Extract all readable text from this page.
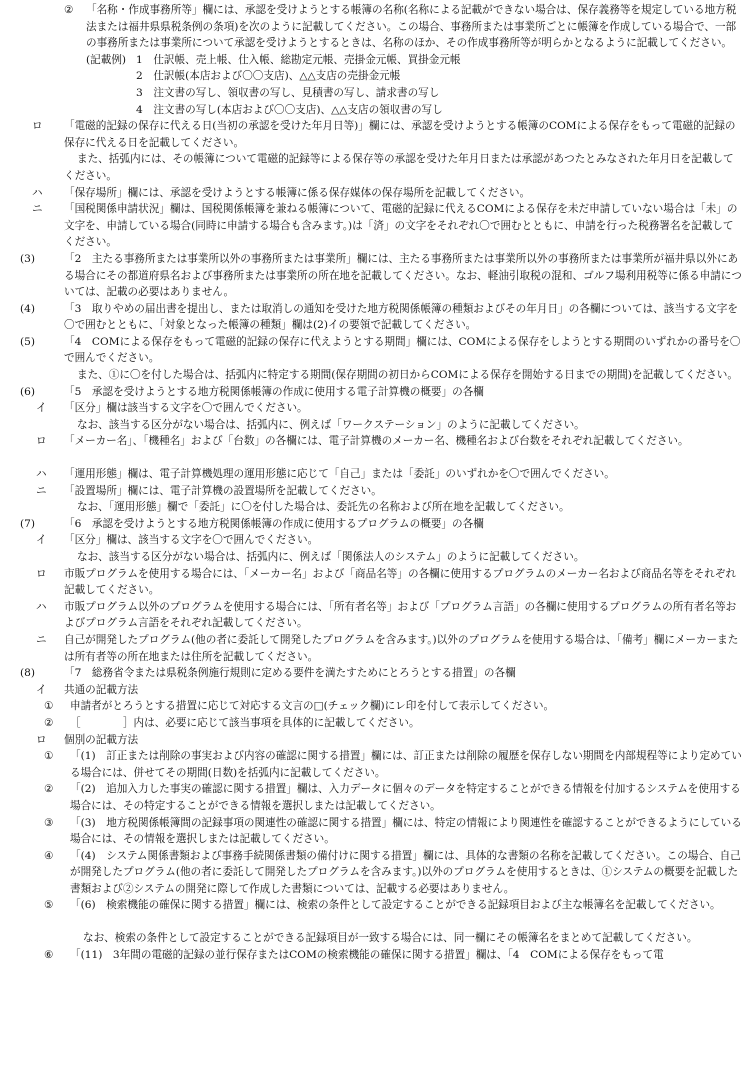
② 「名称・作成事務所等」欄には、承認を受けようとする帳簿の名称(名称による記載ができない場合は、保存義務等を規定している地方税法または福井県県税条例の条項)を次のように記載してください。この場合、事務所または事業所ごとに帳簿を作成している場合で、一部の事務所または事業所について承認を受けようとするときは、名称のほか、その作成事務所等が明らかとなるように記載してください。
(記載例) 1　仕訳帳、売上帳、仕入帳、総勘定元帳、売掛金元帳、買掛金元帳
2　仕訳帳(本店および〇〇支店)、△△支店の売掛金元帳
3　注文書の写し、領収書の写し、見積書の写し、請求書の写し
4　注文書の写し(本店および〇〇支店)、△△支店の領収書の写し
ロ 「電磁的記録の保存に代える日(当初の承認を受けた年月日等)」欄には、承認を受けようとする帳簿のCOMによる保存をもって電磁的記録の保存に代える日を記載してください。
また、括弧内には、その帳簿について電磁的記録等による保存等の承認を受けた年月日または承認があつたとみなされた年月日を記載してください。
ハ 「保存場所」欄には、承認を受けようとする帳簿に係る保存媒体の保存場所を記載してください。
ニ 「国税関係申請状況」欄は、国税関係帳簿を兼ねる帳簿について、電磁的記録に代えるCOMによる保存を未だ申請していない場合は「未」の文字を、申請している場合(同時に申請する場合も含みます。)は「済」の文字をそれぞれ〇で囲むとともに、申請を行った税務署名を記載してください。
(3)	「2　主たる事務所または事業所以外の事務所または事業所」欄には、主たる事務所または事業所以外の事務所または事業所が福井県以外にある場合にその都道府県名および事務所または事業所の所在地を記載してください。なお、軽油引取税の混和、ゴルフ場利用税等に係る申請については、記載の必要はありません。
(4)	「3　取りやめの届出書を提出し、または取消しの通知を受けた地方税関係帳簿の種類およびその年月日」の各欄については、該当する文字を〇で囲むとともに、「対象となった帳簿の種類」欄は(2)イの要領で記載してください。
(5)	「4　COMによる保存をもって電磁的記録の保存に代えようとする期間」欄には、COMによる保存をしようとする期間のいずれかの番号を〇で囲んでください。
また、①に〇を付した場合は、括弧内に特定する期間(保存期間の初日からCOMによる保存を開始する日までの期間)を記載してください。
(6)	「5　承認を受けようとする地方税関係帳簿の作成に使用する電子計算機の概要」の各欄
イ 「区分」欄は該当する文字を〇で囲んでください。
なお、該当する区分がない場合は、括弧内に、例えば「ワークステーション」のように記載してください。
ロ 「メーカー名」、「機種名」および「台数」の各欄には、電子計算機のメーカー名、機種名および台数をそれぞれ記載してください。
ハ 「運用形態」欄は、電子計算機処理の運用形態に応じて「自己」または「委託」のいずれかを〇で囲んでください。
ニ 「設置場所」欄には、電子計算機の設置場所を記載してください。
なお、「運用形態」欄で「委託」に〇を付した場合は、委託先の名称および所在地を記載してください。
(7)	「6　承認を受けようとする地方税関係帳簿の作成に使用するプログラムの概要」の各欄
イ 「区分」欄は、該当する文字を〇で囲んでください。
なお、該当する区分がない場合は、括弧内に、例えば「関係法人のシステム」のように記載してください。
ロ 市販プログラムを使用する場合には、「メーカー名」および「商品名等」の各欄に使用するプログラムのメーカー名および商品名等をそれぞれ記載してください。
ハ 市販プログラム以外のプログラムを使用する場合には、「所有者名等」および「プログラム言語」の各欄に使用するプログラムの所有者名等およびプログラム言語をそれぞれ記載してください。
ニ 自己が開発したプログラム(他の者に委託して開発したプログラムを含みます。)以外のプログラムを使用する場合は、「備考」欄にメーカーまたは所有者等の所在地または住所を記載してください。
(8)	「7　総務省令または県税条例施行規則に定める要件を満たすためにとろうとする措置」の各欄
イ 共通の記載方法
① 申請者がとろうとする措置に応じて対応する文言の□(チェック欄)にレ印を付して表示してください。
② ［　　　　］内は、必要に応じて該当事項を具体的に記載してください。
ロ 個別の記載方法
① 「(1)　訂正または削除の事実および内容の確認に関する措置」欄には、訂正または削除の履歴を保存しない期間を内部規程等により定めている場合には、併せてその期間(日数)を括弧内に記載してください。
② 「(2)　追加入力した事実の確認に関する措置」欄は、入力データに個々のデータを特定することができる情報を付加するシステムを使用する場合には、その特定することができる情報を選択しまたは記載してください。
③ 「(3)　地方税関係帳簿間の記録事項の関連性の確認に関する措置」欄には、特定の情報により関連性を確認することができるようにしている場合には、その情報を選択しまたは記載してください。
④ 「(4)　システム関係書類および事務手続関係書類の備付けに関する措置」欄には、具体的な書類の名称を記載してください。この場合、自己が開発したプログラム(他の者に委託して開発したプログラムを含みます。)以外のプログラムを使用するときは、①システムの概要を記載した書類および②システムの開発に際して作成した書類については、記載する必要はありません。
⑤ 「(6)　検索機能の確保に関する措置」欄には、検索の条件として設定することができる記録項目および主な帳簿名を記載してください。
なお、検索の条件として設定することができる記録項目が一致する場合には、同一欄にその帳簿名をまとめて記載してください。
⑥ 「(11)　3年間の電磁的記録の並行保存またはCOMの検索機能の確保に関する措置」欄は、「4　COMによる保存をもって電
